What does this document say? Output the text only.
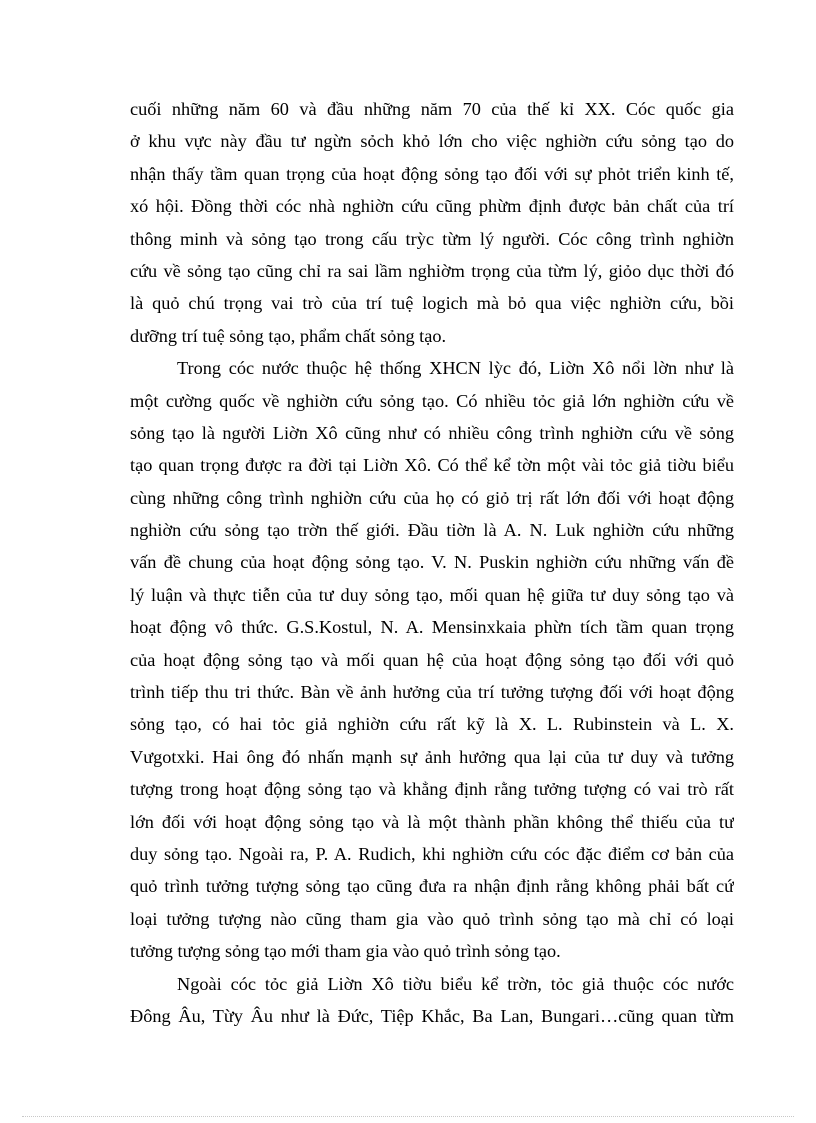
cuối những năm 60 và đầu những năm 70 của thế kỉ XX. Cóc quốc gia
ở khu vực này đầu tư ngừn sỏch khỏ lớn cho việc nghiờn cứu sỏng tạo do
nhận thấy tầm quan trọng của hoạt động sỏng tạo đối với sự phỏt triển kinh tế,
xó hội. Đồng thời cóc nhà nghiờn cứu cũng phừm định được bản chất của trí
thông minh và sỏng tạo trong cấu trỳc từm lý người. Cóc công trình nghiờn
cứu về sỏng tạo cũng chỉ ra sai lầm nghiờm trọng của từm lý, giỏo dục thời đó
là quỏ chú trọng vai trò của trí tuệ logich mà bỏ qua việc nghiờn cứu, bồi
dưỡng trí tuệ sỏng tạo, phẩm chất sỏng tạo.
Trong cóc nước thuộc hệ thống XHCN lỳc đó, Liờn Xô nổi lờn như là
một cường quốc về nghiờn cứu sỏng tạo. Có nhiều tỏc giả lớn nghiờn cứu về
sỏng tạo là người Liờn Xô cũng như có nhiều công trình nghiờn cứu về sỏng
tạo quan trọng được ra đời tại Liờn Xô. Có thể kể tờn một vài tỏc giả tiờu biểu
cùng những công trình nghiờn cứu của họ có giỏ trị rất lớn đối với hoạt động
nghiờn cứu sỏng tạo trờn thế giới. Đầu tiờn là A. N. Luk nghiờn cứu những
vấn đề chung của hoạt động sỏng tạo. V. N. Puskin nghiờn cứu những vấn đề
lý luận và thực tiễn của tư duy sỏng tạo, mối quan hệ giữa tư duy sỏng tạo và
hoạt động vô thức. G.S.Kostul, N. A. Mensinxkaia phừn tích tầm quan trọng
của hoạt động sỏng tạo và mối quan hệ của hoạt động sỏng tạo đối với quỏ
trình tiếp thu tri thức. Bàn về ảnh hưởng của trí tưởng tượng đối với hoạt động
sỏng tạo, có hai tỏc giả nghiờn cứu rất kỹ là X. L. Rubinstein và L. X.
Vưgotxki. Hai ông đó nhấn mạnh sự ảnh hưởng qua lại của tư duy và tưởng
tượng trong hoạt động sỏng tạo và khẳng định rằng tưởng tượng có vai trò rất
lớn đối với hoạt động sỏng tạo và là một thành phần không thể thiếu của tư
duy sỏng tạo. Ngoài ra, P. A. Rudich, khi nghiờn cứu cóc đặc điểm cơ bản của
quỏ trình tưởng tượng sỏng tạo cũng đưa ra nhận định rằng không phải bất cứ
loại tưởng tượng nào cũng tham gia vào quỏ trình sỏng tạo mà chỉ có loại
tưởng tượng sỏng tạo mới tham gia vào quỏ trình sỏng tạo.
Ngoài cóc tỏc giả Liờn Xô tiờu biểu kể trờn, tỏc giả thuộc cóc nước
Đông Âu, Từy Âu như là Đức, Tiệp Khắc, Ba Lan, Bungari…cũng quan từm
